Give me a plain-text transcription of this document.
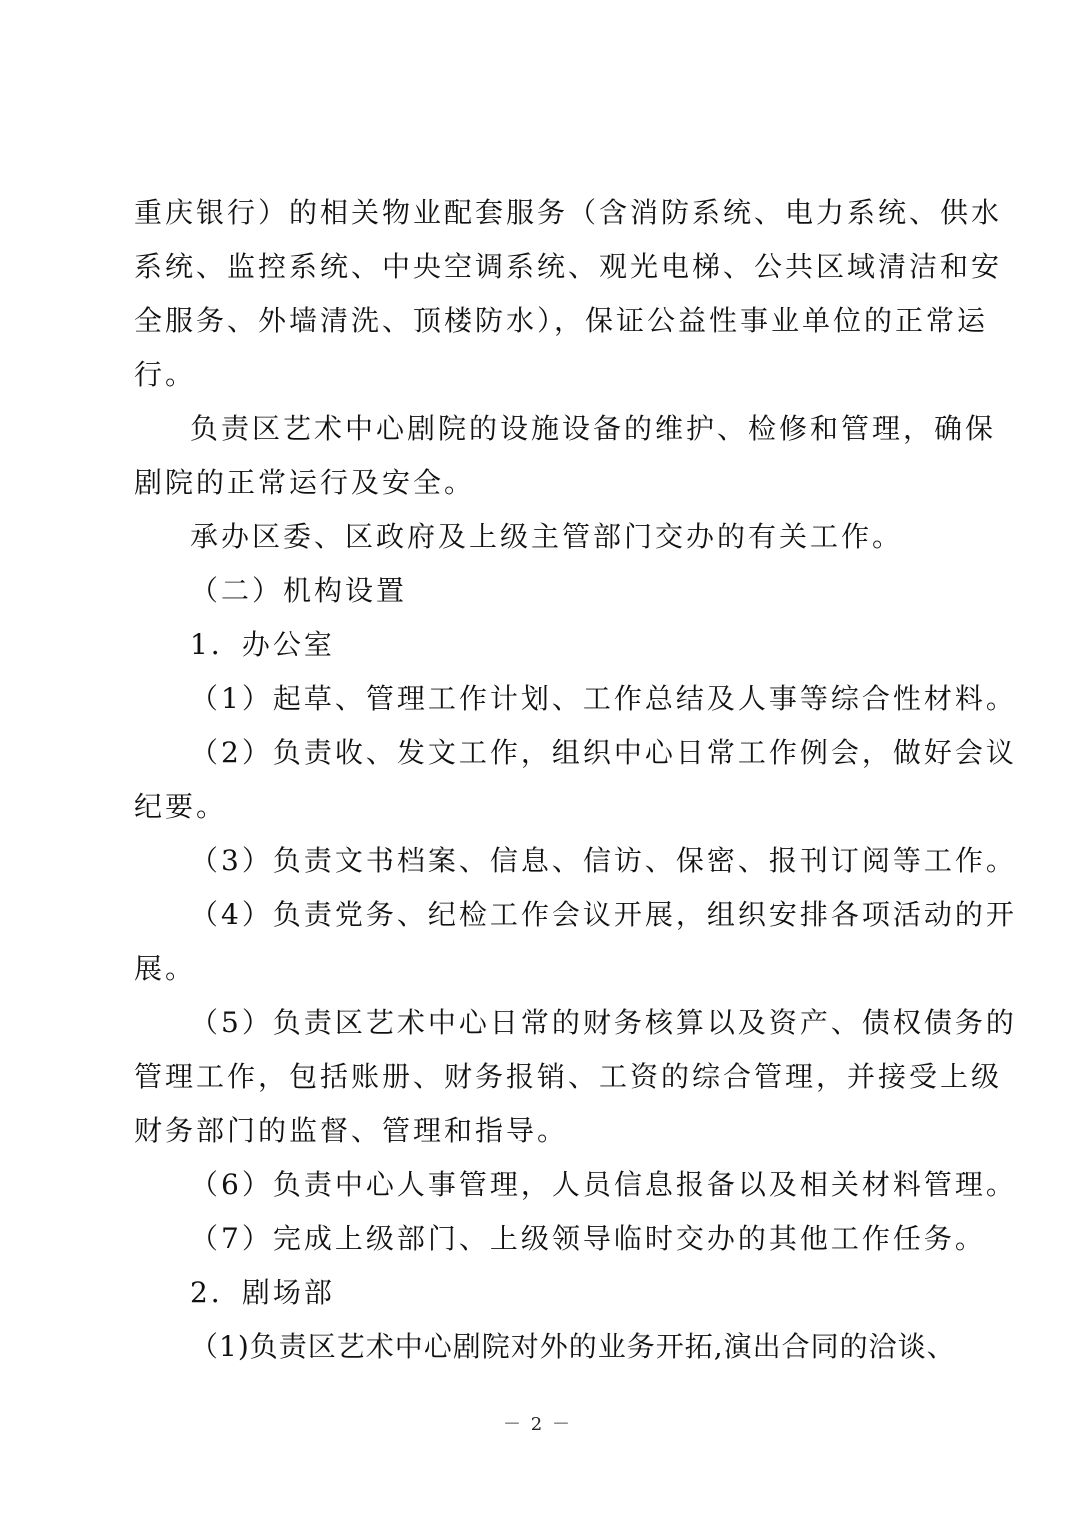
重庆银行）的相关物业配套服务（含消防系统、电力系统、供水
系统、监控系统、中央空调系统、观光电梯、公共区域清洁和安
全服务、外墙清洗、顶楼防水），保证公益性事业单位的正常运
行。
负责区艺术中心剧院的设施设备的维护、检修和管理，确保
剧院的正常运行及安全。
承办区委、区政府及上级主管部门交办的有关工作。
（二）机构设置
1．办公室
（1）起草、管理工作计划、工作总结及人事等综合性材料。
（2）负责收、发文工作，组织中心日常工作例会，做好会议
纪要。
（3）负责文书档案、信息、信访、保密、报刊订阅等工作。
（4）负责党务、纪检工作会议开展，组织安排各项活动的开
展。
（5）负责区艺术中心日常的财务核算以及资产、债权债务的
管理工作，包括账册、财务报销、工资的综合管理，并接受上级
财务部门的监督、管理和指导。
（6）负责中心人事管理，人员信息报备以及相关材料管理。
（7）完成上级部门、上级领导临时交办的其他工作任务。
2．剧场部
（1)负责区艺术中心剧院对外的业务开拓,演出合同的洽谈、
－ 2 －
